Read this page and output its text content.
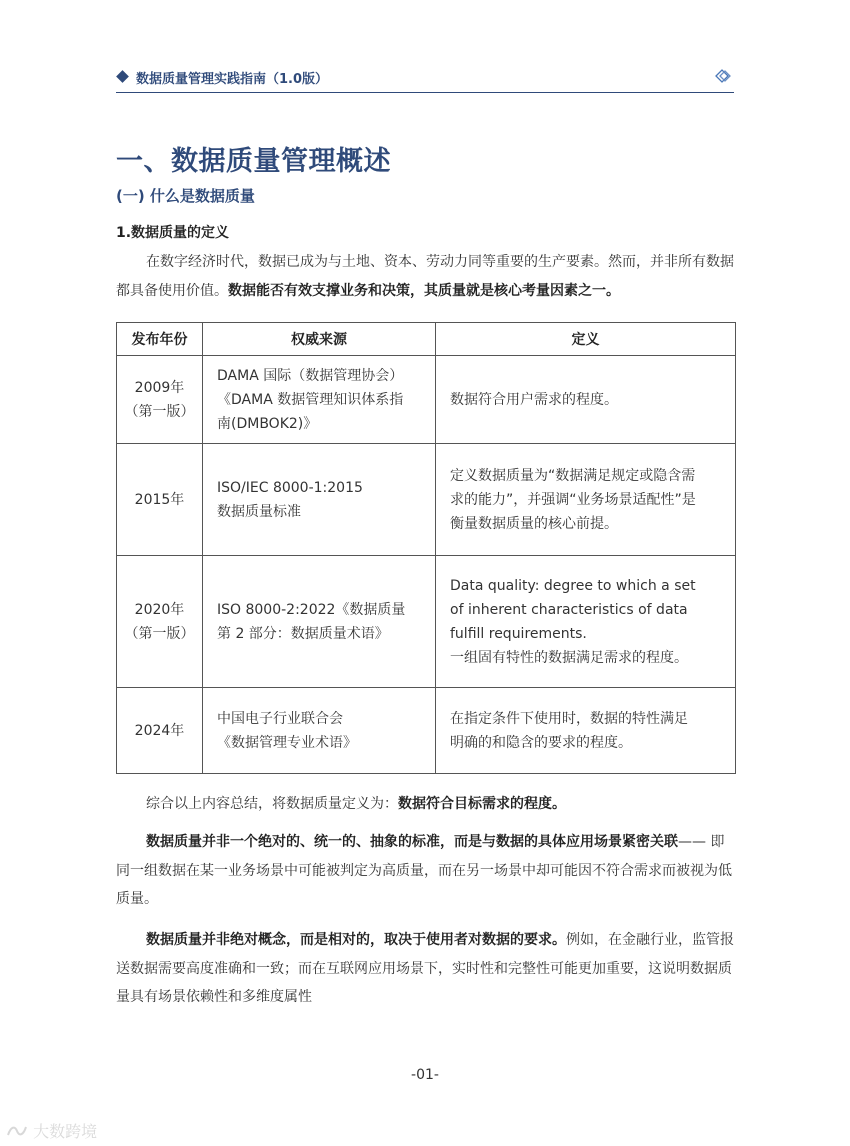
数据质量管理实践指南（1.0版）
一、数据质量管理概述
(一) 什么是数据质量
1.数据质量的定义

在数字经济时代，数据已成为与土地、资本、劳动力同等重要的生产要素。然而，并非所有数据都具备使用价值。数据能否有效支撑业务和决策，其质量就是核心考量因素之一。

发布年份	权威来源	定义

2009年
（第一版）	DAMA 国际（数据管理协会）
《DAMA 数据管理知识体系指
南(DMBOK2)》	数据符合用户需求的程度。

2015年	ISO/IEC 8000-1:2015
数据质量标准	定义数据质量为“数据满足规定或隐含需
求的能力”，并强调“业务场景适配性”是
衡量数据质量的核心前提。

2020年
（第一版）	ISO 8000-2:2022《数据质量
第 2 部分：数据质量术语》	Data quality: degree to which a set
of inherent characteristics of data
fulfill requirements.
一组固有特性的数据满足需求的程度。

2024年	中国电子行业联合会
《数据管理专业术语》	在指定条件下使用时，数据的特性满足
明确的和隐含的要求的程度。

综合以上内容总结，将数据质量定义为：数据符合目标需求的程度。

数据质量并非一个绝对的、统一的、抽象的标准，而是与数据的具体应用场景紧密关联—— 即同一组数据在某一业务场景中可能被判定为高质量，而在另一场景中却可能因不符合需求而被视为低质量。

数据质量并非绝对概念，而是相对的，取决于使用者对数据的要求。例如，在金融行业，监管报送数据需要高度准确和一致；而在互联网应用场景下，实时性和完整性可能更加重要，这说明数据质量具有场景依赖性和多维度属性

-01-
大数跨境
